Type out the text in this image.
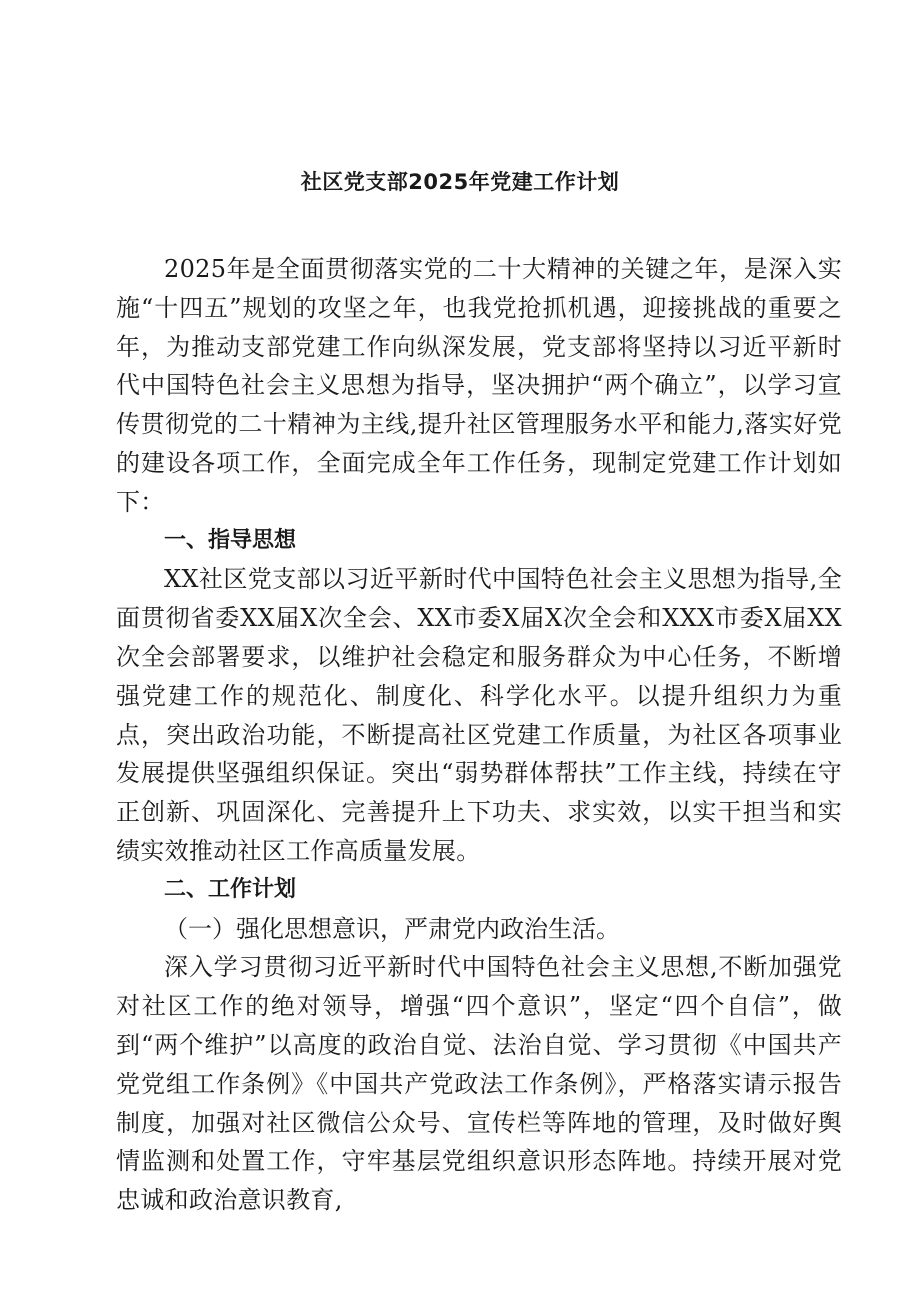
社区党支部2025年党建工作计划

2025年是全面贯彻落实党的二十大精神的关键之年，是深入实施“十四五”规划的攻坚之年，也我党抢抓机遇，迎接挑战的重要之年，为推动支部党建工作向纵深发展，党支部将坚持以习近平新时代中国特色社会主义思想为指导，坚决拥护“两个确立”，以学习宣传贯彻党的二十精神为主线,提升社区管理服务水平和能力,落实好党的建设各项工作，全面完成全年工作任务，现制定党建工作计划如下：

一、指导思想

XX社区党支部以习近平新时代中国特色社会主义思想为指导,全面贯彻省委XX届X次全会、XX市委X届X次全会和XXX市委X届XX次全会部署要求，以维护社会稳定和服务群众为中心任务，不断增强党建工作的规范化、制度化、科学化水平。以提升组织力为重点，突出政治功能，不断提高社区党建工作质量，为社区各项事业发展提供坚强组织保证。突出“弱势群体帮扶”工作主线，持续在守正创新、巩固深化、完善提升上下功夫、求实效，以实干担当和实绩实效推动社区工作高质量发展。

二、工作计划

（一）强化思想意识，严肃党内政治生活。

深入学习贯彻习近平新时代中国特色社会主义思想,不断加强党对社区工作的绝对领导，增强“四个意识”，坚定“四个自信”，做到“两个维护”以高度的政治自觉、法治自觉、学习贯彻《中国共产党党组工作条例》《中国共产党政法工作条例》，严格落实请示报告制度，加强对社区微信公众号、宣传栏等阵地的管理，及时做好舆情监测和处置工作，守牢基层党组织意识形态阵地。持续开展对党忠诚和政治意识教育,
